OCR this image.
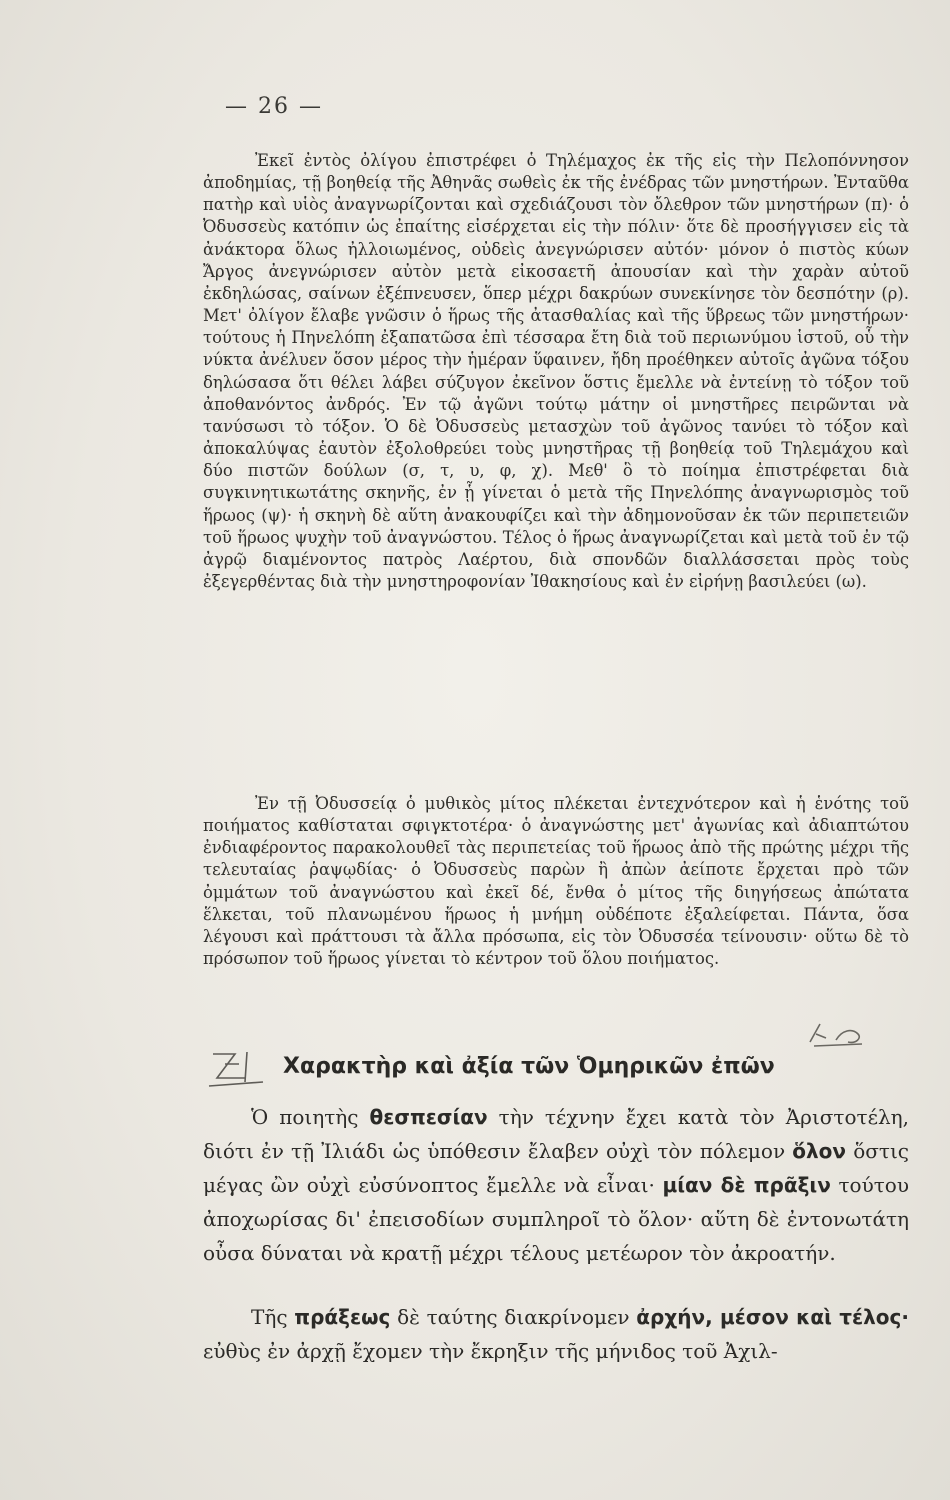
— 26 —

Ἐκεῖ ἐντὸς ὀλίγου ἐπιστρέφει ὁ Τηλέμαχος ἐκ τῆς εἰς τὴν Πελοπόννησον ἀποδημίας, τῇ βοηθείᾳ τῆς Ἀθηνᾶς σωθεὶς ἐκ τῆς ἐνέδρας τῶν μνηστήρων. Ἐνταῦθα πατὴρ καὶ υἱὸς ἀναγνωρίζονται καὶ σχεδιάζουσι τὸν ὄλεθρον τῶν μνηστήρων (π)· ὁ Ὀδυσσεὺς κατόπιν ὡς ἐπαίτης εἰσέρχεται εἰς τὴν πόλιν· ὅτε δὲ προσήγγισεν εἰς τὰ ἀνάκτορα ὅλως ἠλλοιωμένος, οὐδεὶς ἀνεγνώρισεν αὐτόν· μόνον ὁ πιστὸς κύων Ἄργος ἀνεγνώρισεν αὐτὸν μετὰ εἰκοσαετῆ ἀπουσίαν καὶ τὴν χαρὰν αὐτοῦ ἐκδηλώσας, σαίνων ἐξέπνευσεν, ὅπερ μέχρι δακρύων συνεκίνησε τὸν δεσπότην (ρ). Μετ' ὀλίγον ἔλαβε γνῶσιν ὁ ἥρως τῆς ἀτασθαλίας καὶ τῆς ὕβρεως τῶν μνηστήρων· τούτους ἡ Πηνελόπη ἐξαπατῶσα ἐπὶ τέσσαρα ἔτη διὰ τοῦ περιωνύμου ἱστοῦ, οὗ τὴν νύκτα ἀνέλυεν ὅσον μέρος τὴν ἡμέραν ὕφαινεν, ἤδη προέθηκεν αὐτοῖς ἀγῶνα τόξου δηλώσασα ὅτι θέλει λάβει σύζυγον ἐκεῖνον ὅστις ἔμελλε νὰ ἐντείνῃ τὸ τόξον τοῦ ἀποθανόντος ἀνδρός. Ἐν τῷ ἀγῶνι τούτῳ μάτην οἱ μνηστῆρες πειρῶνται νὰ τανύσωσι τὸ τόξον. Ὁ δὲ Ὀδυσσεὺς μετασχὼν τοῦ ἀγῶνος τανύει τὸ τόξον καὶ ἀποκαλύψας ἑαυτὸν ἐξολοθρεύει τοὺς μνηστῆρας τῇ βοηθείᾳ τοῦ Τηλεμάχου καὶ δύο πιστῶν δούλων (σ, τ, υ, φ, χ). Μεθ' ὃ τὸ ποίημα ἐπιστρέφεται διὰ συγκινητικωτάτης σκηνῆς, ἐν ᾗ γίνεται ὁ μετὰ τῆς Πηνελόπης ἀναγνωρισμὸς τοῦ ἥρωος (ψ)· ἡ σκηνὴ δὲ αὕτη ἀνακουφίζει καὶ τὴν ἀδημονοῦσαν ἐκ τῶν περιπετειῶν τοῦ ἥρωος ψυχὴν τοῦ ἀναγνώστου. Τέλος ὁ ἥρως ἀναγνωρίζεται καὶ μετὰ τοῦ ἐν τῷ ἀγρῷ διαμένοντος πατρὸς Λαέρτου, διὰ σπονδῶν διαλλάσσεται πρὸς τοὺς ἐξεγερθέντας διὰ τὴν μνηστηροφονίαν Ἰθακησίους καὶ ἐν εἰρήνῃ βασιλεύει (ω).

Ἐν τῇ Ὀδυσσείᾳ ὁ μυθικὸς μίτος πλέκεται ἐντεχνότερον καὶ ἡ ἑνότης τοῦ ποιήματος καθίσταται σφιγκτοτέρα· ὁ ἀναγνώστης μετ' ἀγωνίας καὶ ἀδιαπτώτου ἐνδιαφέροντος παρακολουθεῖ τὰς περιπετείας τοῦ ἥρωος ἀπὸ τῆς πρώτης μέχρι τῆς τελευταίας ῥαψῳδίας· ὁ Ὀδυσσεὺς παρὼν ἢ ἀπὼν ἀείποτε ἔρχεται πρὸ τῶν ὀμμάτων τοῦ ἀναγνώστου καὶ ἐκεῖ δέ, ἔνθα ὁ μίτος τῆς διηγήσεως ἀπώτατα ἕλκεται, τοῦ πλανωμένου ἥρωος ἡ μνήμη οὐδέποτε ἐξαλείφεται. Πάντα, ὅσα λέγουσι καὶ πράττουσι τὰ ἄλλα πρόσωπα, εἰς τὸν Ὀδυσσέα τείνουσιν· οὕτω δὲ τὸ πρόσωπον τοῦ ἥρωος γίνεται τὸ κέντρον τοῦ ὅλου ποιήματος.

Χαρακτὴρ καὶ ἀξία τῶν Ὁμηρικῶν ἐπῶν

Ὁ ποιητὴς θεσπεσίαν τὴν τέχνην ἔχει κατὰ τὸν Ἀριστοτέλη, διότι ἐν τῇ Ἰλιάδι ὡς ὑπόθεσιν ἔλαβεν οὐχὶ τὸν πόλεμον ὅλον ὅστις μέγας ὢν οὐχὶ εὐσύνοπτος ἔμελλε νὰ εἶναι· μίαν δὲ πρᾶξιν τούτου ἀποχωρίσας δι' ἐπεισοδίων συμπληροῖ τὸ ὅλον· αὕτη δὲ ἐντονωτάτη οὖσα δύναται νὰ κρατῇ μέχρι τέλους μετέωρον τὸν ἀκροατήν.

Τῆς πράξεως δὲ ταύτης διακρίνομεν ἀρχήν, μέσον καὶ τέλος· εὐθὺς ἐν ἀρχῇ ἔχομεν τὴν ἔκρηξιν τῆς μήνιδος τοῦ Ἀχιλ-
